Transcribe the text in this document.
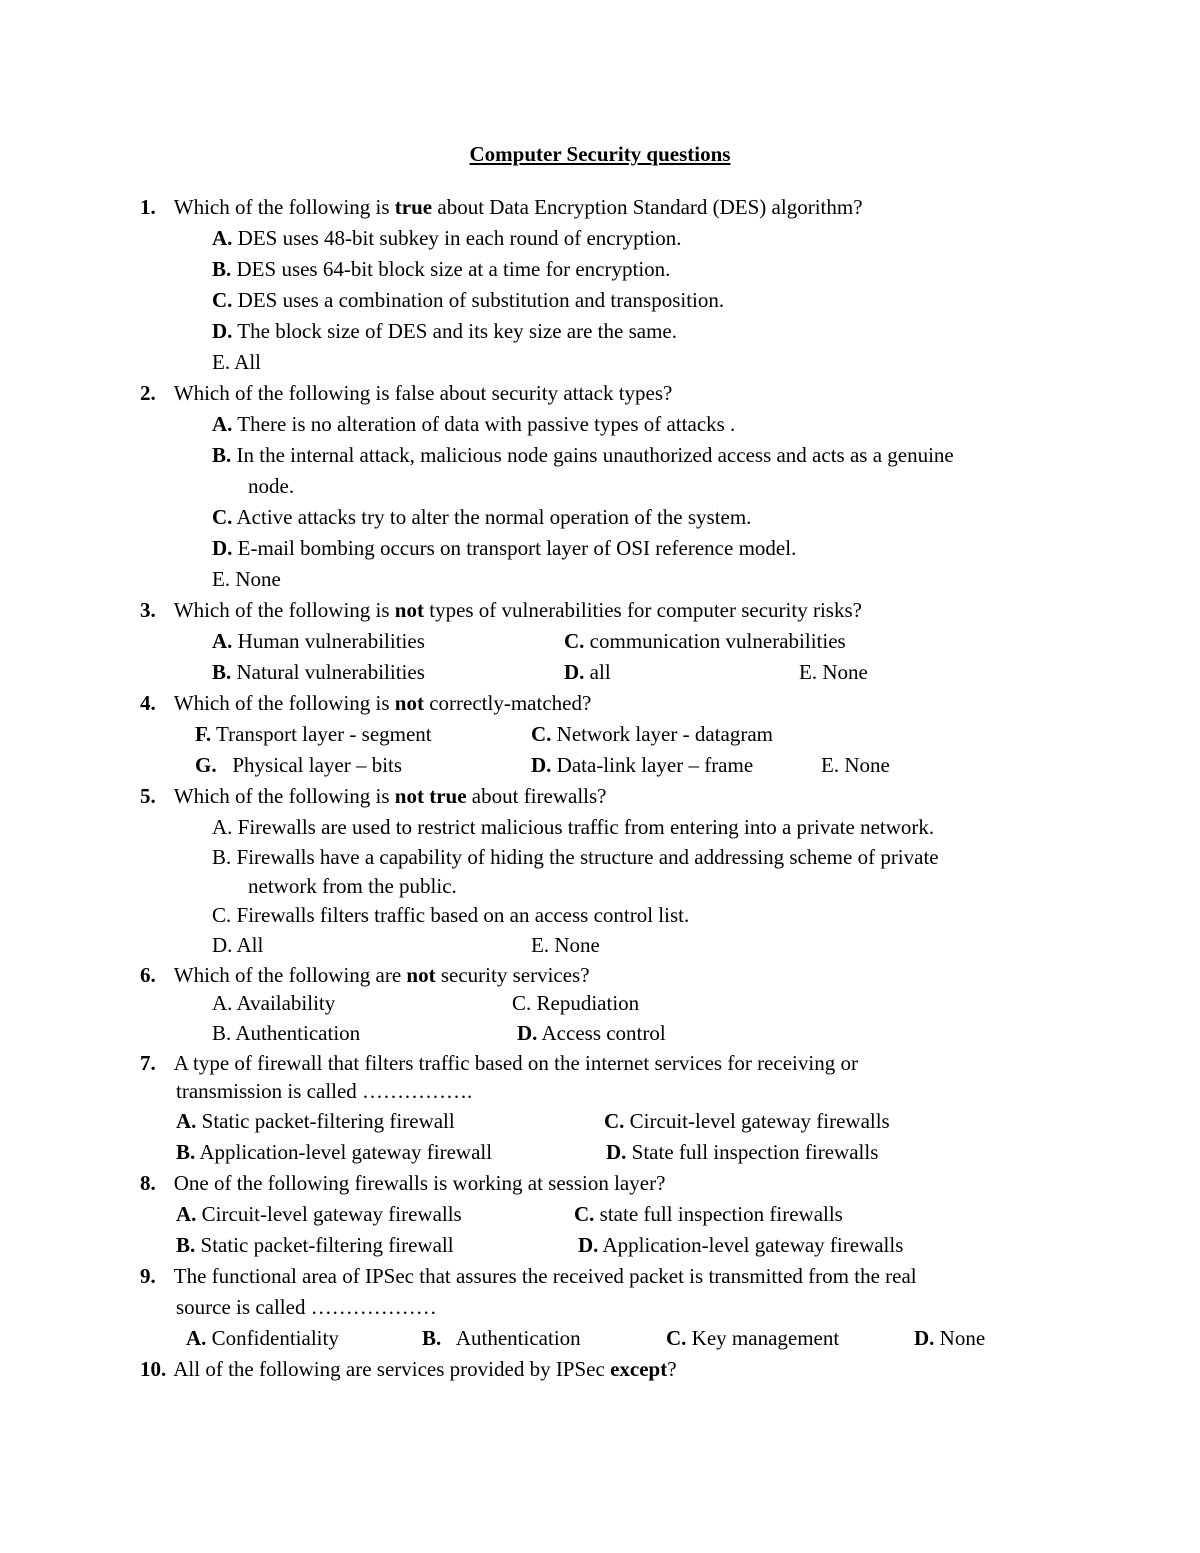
Computer Security questions
1. Which of the following is true about Data Encryption Standard (DES) algorithm?
A. DES uses 48-bit subkey in each round of encryption.
B. DES uses 64-bit block size at a time for encryption.
C. DES uses a combination of substitution and transposition.
D. The block size of DES and its key size are the same.
E. All
2. Which of the following is false about security attack types?
A. There is no alteration of data with passive types of attacks .
B. In the internal attack, malicious node gains unauthorized access and acts as a genuine
node.
C. Active attacks try to alter the normal operation of the system.
D. E-mail bombing occurs on transport layer of OSI reference model.
E. None
3. Which of the following is not types of vulnerabilities for computer security risks?
A. Human vulnerabilities	C. communication vulnerabilities
B. Natural vulnerabilities	D. all	E. None
4. Which of the following is not correctly-matched?
F. Transport layer - segment	C. Network layer - datagram
G. Physical layer – bits	D. Data-link layer – frame	E. None
5. Which of the following is not true about firewalls?
A. Firewalls are used to restrict malicious traffic from entering into a private network.
B. Firewalls have a capability of hiding the structure and addressing scheme of private
network from the public.
C. Firewalls filters traffic based on an access control list.
D. All	E. None
6. Which of the following are not security services?
A. Availability	C. Repudiation
B. Authentication	D. Access control
7. A type of firewall that filters traffic based on the internet services for receiving or
transmission is called …………….
A. Static packet-filtering firewall	C. Circuit-level gateway firewalls
B. Application-level gateway firewall	D. State full inspection firewalls
8. One of the following firewalls is working at session layer?
A. Circuit-level gateway firewalls	C. state full inspection firewalls
B. Static packet-filtering firewall	D. Application-level gateway firewalls
9. The functional area of IPSec that assures the received packet is transmitted from the real
source is called ………………
A. Confidentiality	B. Authentication	C. Key management	D. None
10. All of the following are services provided by IPSec except?
